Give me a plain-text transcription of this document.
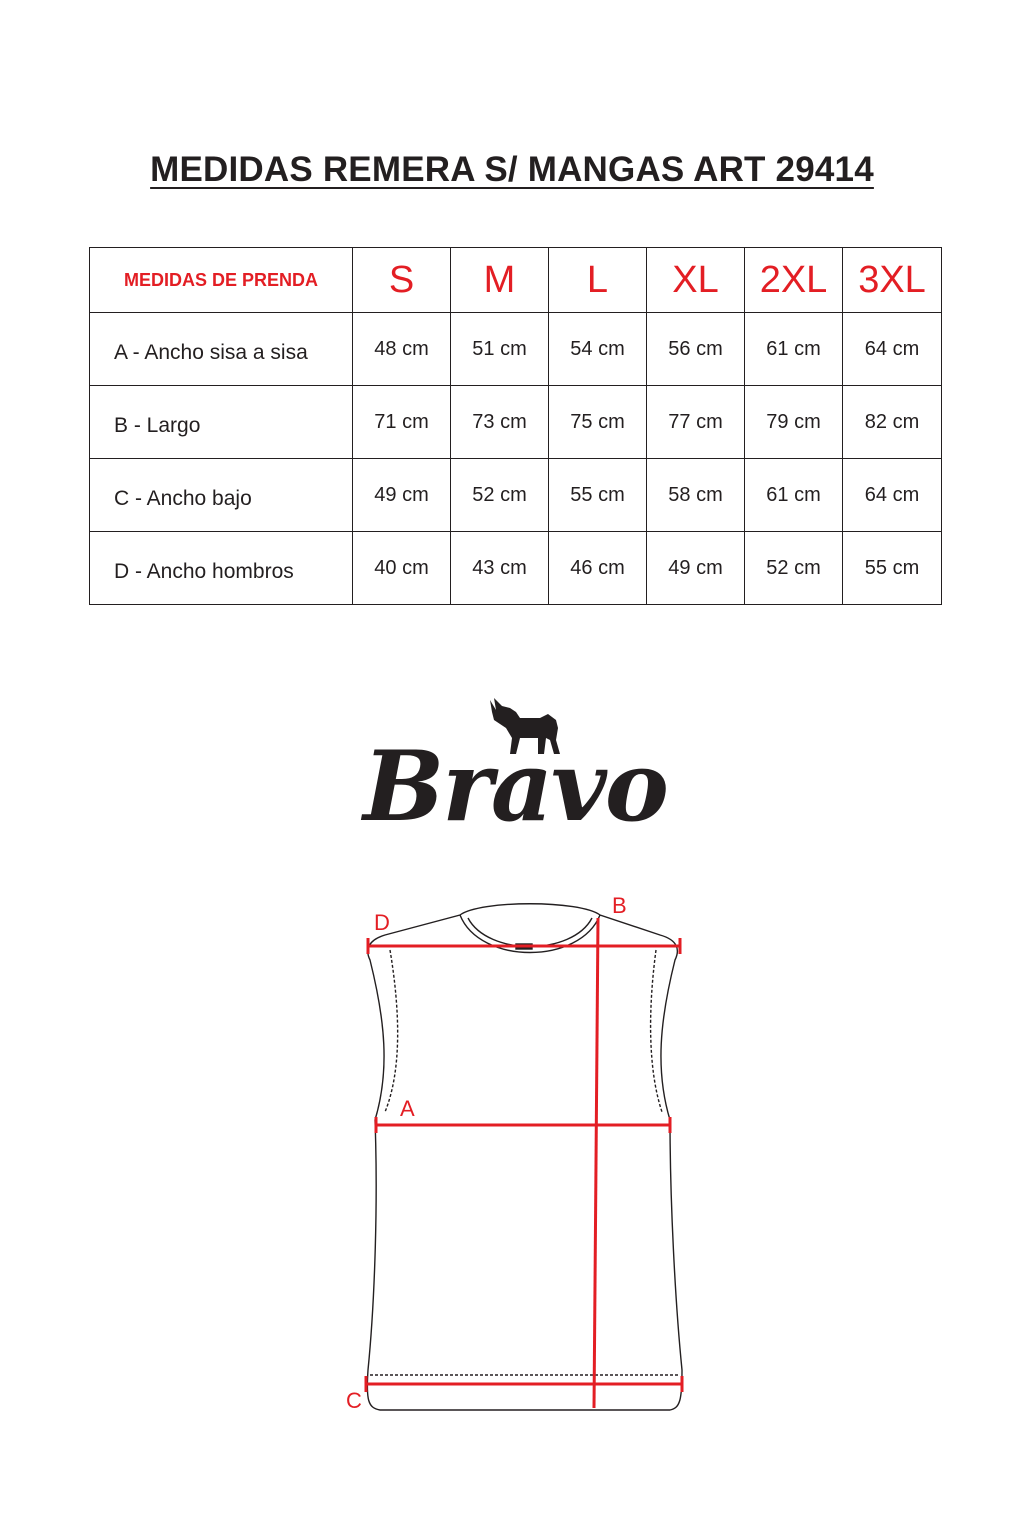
MEDIDAS REMERA S/ MANGAS ART 29414
MEDIDAS DE PRENDA	S	M	L	XL	2XL	3XL
A - Ancho sisa a sisa	48 cm	51 cm	54 cm	56 cm	61 cm	64 cm
B - Largo	71 cm	73 cm	75 cm	77 cm	79 cm	82 cm
C - Ancho bajo	49 cm	52 cm	55 cm	58 cm	61 cm	64 cm
D - Ancho hombros	40 cm	43 cm	46 cm	49 cm	52 cm	55 cm
Bravo
D
B
A
C
